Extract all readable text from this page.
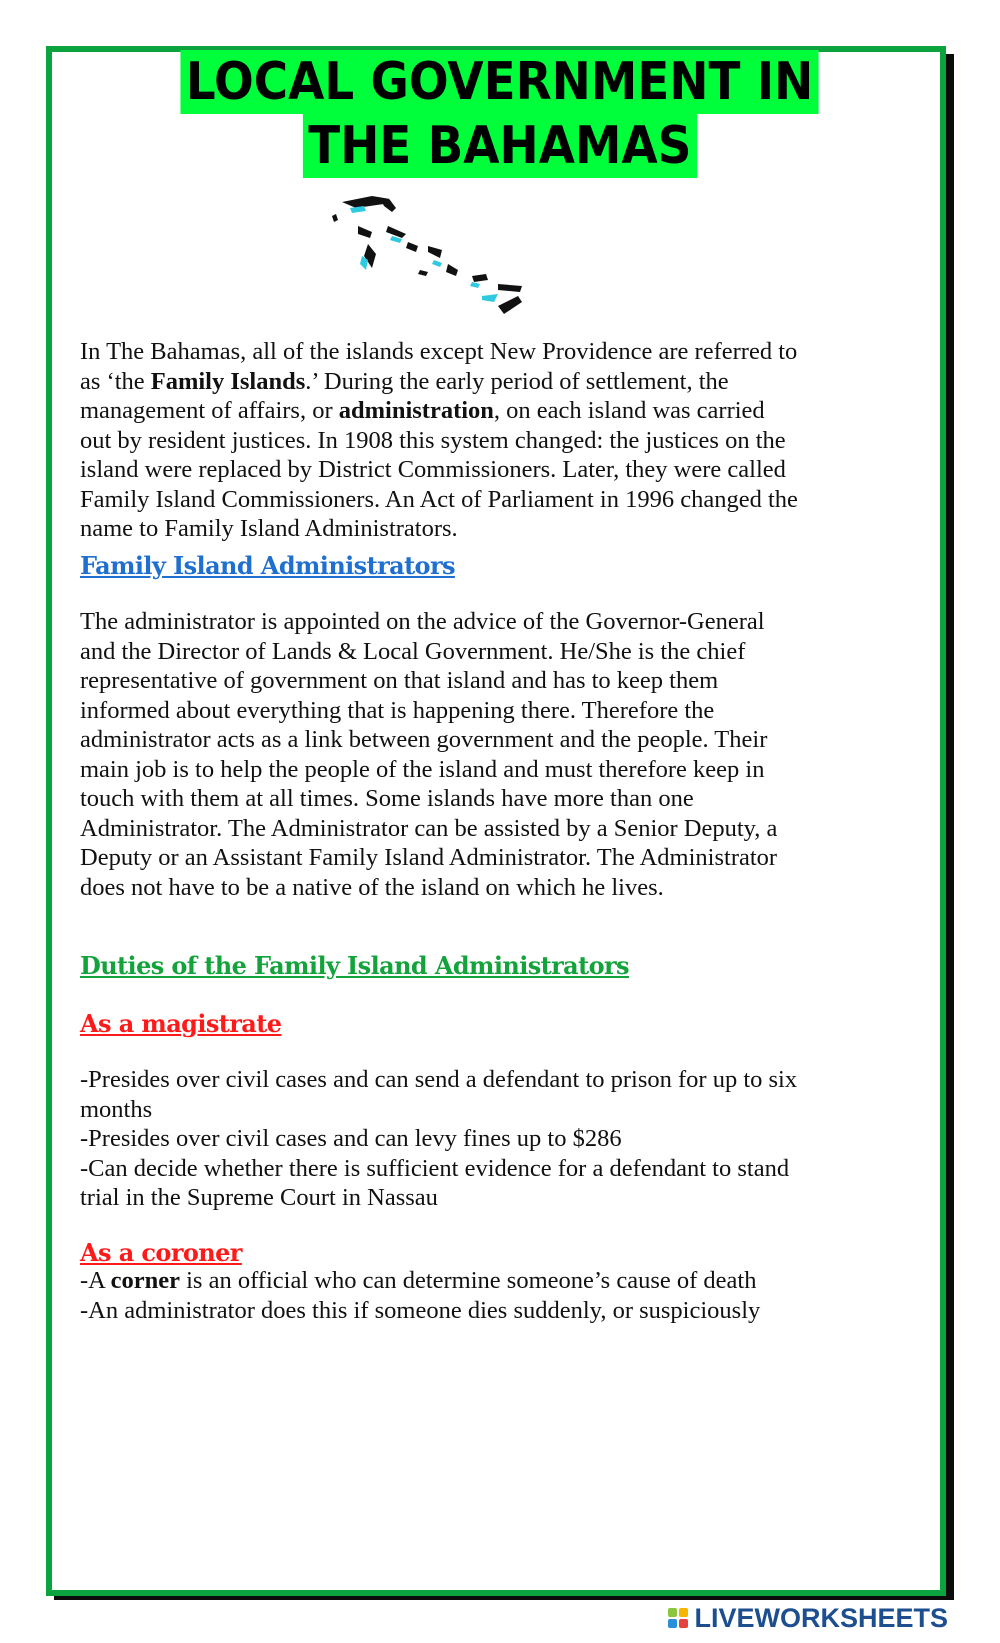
LOCAL GOVERNMENT IN
THE BAHAMAS

In The Bahamas, all of the islands except New Providence are referred to as ‘the Family Islands.’ During the early period of settlement, the management of affairs, or administration, on each island was carried out by resident justices. In 1908 this system changed: the justices on the island were replaced by District Commissioners. Later, they were called Family Island Commissioners. An Act of Parliament in 1996 changed the name to Family Island Administrators.

Family Island Administrators

The administrator is appointed on the advice of the Governor-General and the Director of Lands & Local Government. He/She is the chief representative of government on that island and has to keep them informed about everything that is happening there. Therefore the administrator acts as a link between government and the people. Their main job is to help the people of the island and must therefore keep in touch with them at all times. Some islands have more than one Administrator. The Administrator can be assisted by a Senior Deputy, a Deputy or an Assistant Family Island Administrator. The Administrator does not have to be a native of the island on which he lives.

Duties of the Family Island Administrators
As a magistrate
-Presides over civil cases and can send a defendant to prison for up to six months
-Presides over civil cases and can levy fines up to $286
-Can decide whether there is sufficient evidence for a defendant to stand trial in the Supreme Court in Nassau
As a coroner
-A corner is an official who can determine someone’s cause of death
-An administrator does this if someone dies suddenly, or suspiciously
LIVEWORKSHEETS
